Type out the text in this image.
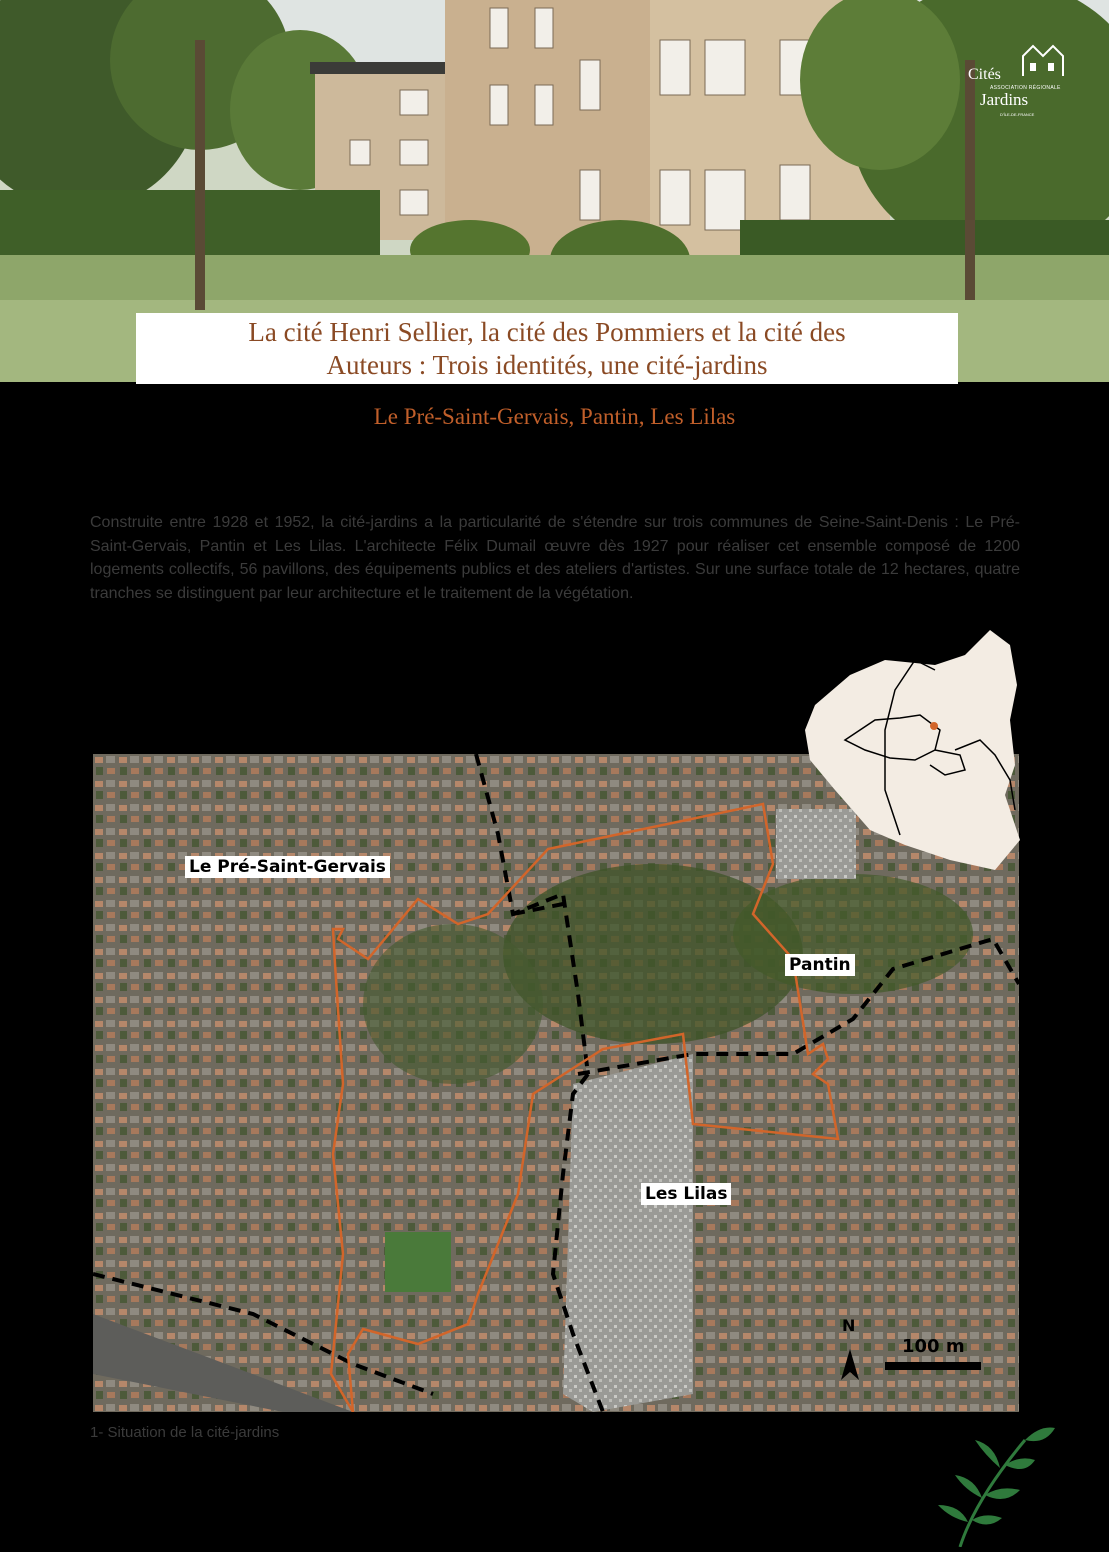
Cités
ASSOCIATION RÉGIONALE
Jardins
D'ÎLE-DE-FRANCE
La cité Henri Sellier, la cité des Pommiers et la cité des
Auteurs : Trois identités, une cité-jardins
Le Pré-Saint-Gervais, Pantin, Les Lilas
Construite entre 1928 et 1952, la cité-jardins a la particularité de s'étendre sur trois communes de Seine-Saint-Denis : Le Pré-Saint-Gervais, Pantin et Les Lilas. L'architecte Félix Dumail œuvre dès 1927 pour réaliser cet ensemble composé de 1200 logements collectifs, 56 pavillons, des équipements publics et des ateliers d'artistes. Sur une surface totale de 12 hectares, quatre tranches se distinguent par leur architecture et le traitement de la végétation.
Le Pré-Saint-Gervais
Pantin
Les Lilas
N
100 m
1- Situation de la cité-jardins
